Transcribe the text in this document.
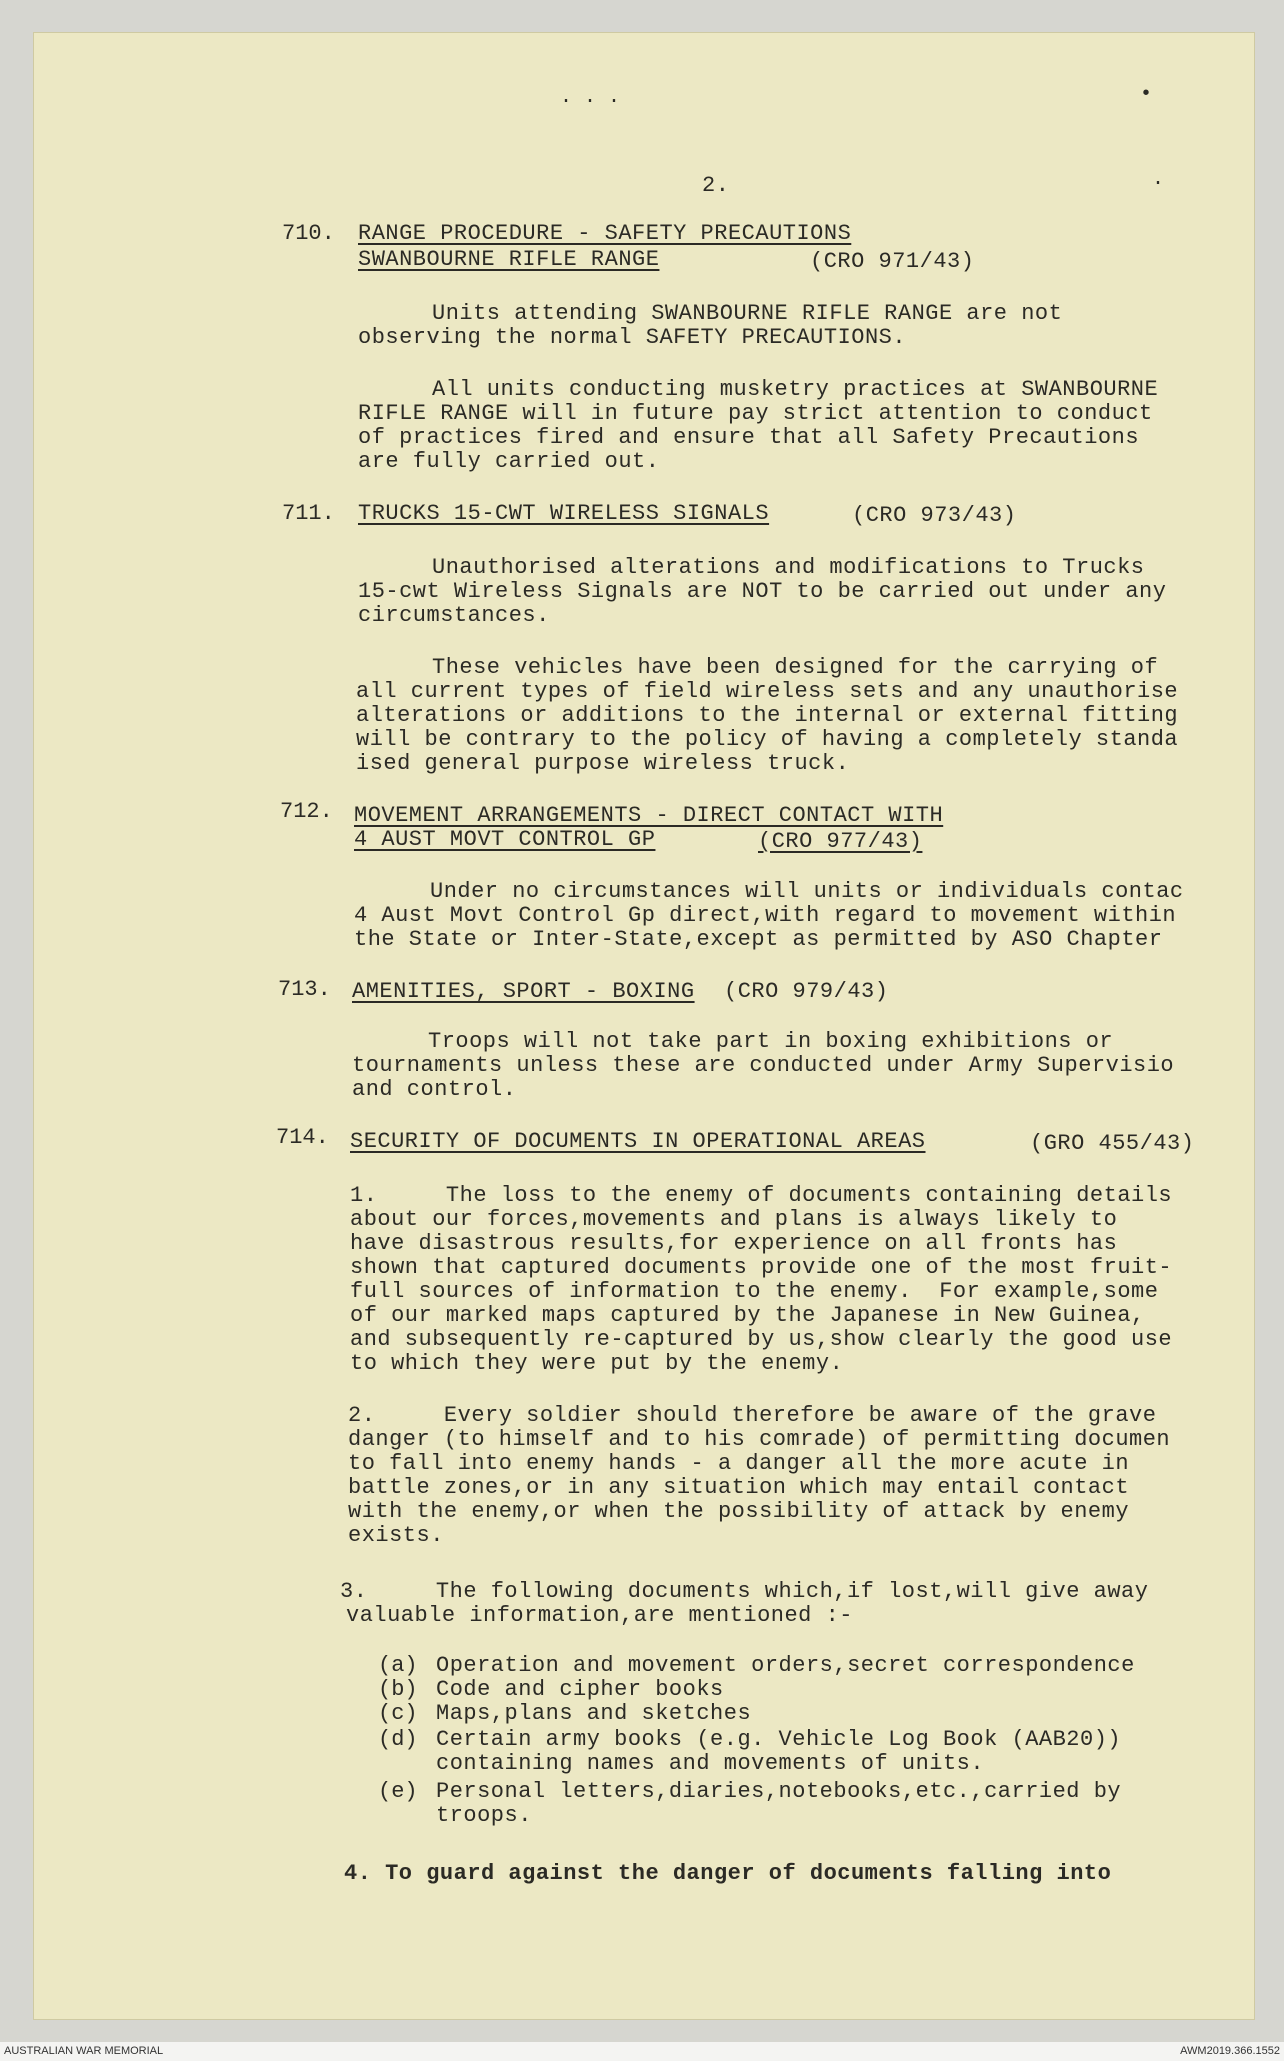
. . .	•
.
2.
710. RANGE PROCEDURE - SAFETY PRECAUTIONS
SWANBOURNE RIFLE RANGE	(CRO 971/43)
Units attending SWANBOURNE RIFLE RANGE are not
observing the normal SAFETY PRECAUTIONS.
All units conducting musketry practices at SWANBOURNE
RIFLE RANGE will in future pay strict attention to conduct
of practices fired and ensure that all Safety Precautions
are fully carried out.
711. TRUCKS 15-CWT WIRELESS SIGNALS	(CRO 973/43)
Unauthorised alterations and modifications to Trucks
15-cwt Wireless Signals are NOT to be carried out under any
circumstances.
These vehicles have been designed for the carrying of
all current types of field wireless sets and any unauthorise
alterations or additions to the internal or external fitting
will be contrary to the policy of having a completely standa
ised general purpose wireless truck.
712. MOVEMENT ARRANGEMENTS - DIRECT CONTACT WITH
4 AUST MOVT CONTROL GP	(CRO 977/43)
Under no circumstances will units or individuals contac
4 Aust Movt Control Gp direct,with regard to movement within
the State or Inter-State,except as permitted by ASO Chapter
713. AMENITIES, SPORT - BOXING (CRO 979/43)
Troops will not take part in boxing exhibitions or
tournaments unless these are conducted under Army Supervisio
and control.
714. SECURITY OF DOCUMENTS IN OPERATIONAL AREAS	(GRO 455/43)
1.     The loss to the enemy of documents containing details
about our forces,movements and plans is always likely to
have disastrous results,for experience on all fronts has
shown that captured documents provide one of the most fruit-
full sources of information to the enemy.  For example,some
of our marked maps captured by the Japanese in New Guinea,
and subsequently re-captured by us,show clearly the good use
to which they were put by the enemy.
2.     Every soldier should therefore be aware of the grave
danger (to himself and to his comrade) of permitting documen
to fall into enemy hands - a danger all the more acute in
battle zones,or in any situation which may entail contact
with the enemy,or when the possibility of attack by enemy
exists.
3.     The following documents which,if lost,will give away
valuable information,are mentioned :-
(a) Operation and movement orders,secret correspondence
(b) Code and cipher books
(c) Maps,plans and sketches
(d) Certain army books (e.g. Vehicle Log Book (AAB20))
containing names and movements of units.
(e) Personal letters,diaries,notebooks,etc.,carried by
troops.
4. To guard against the danger of documents falling into
AUSTRALIAN WAR MEMORIAL	AWM2019.366.1552
